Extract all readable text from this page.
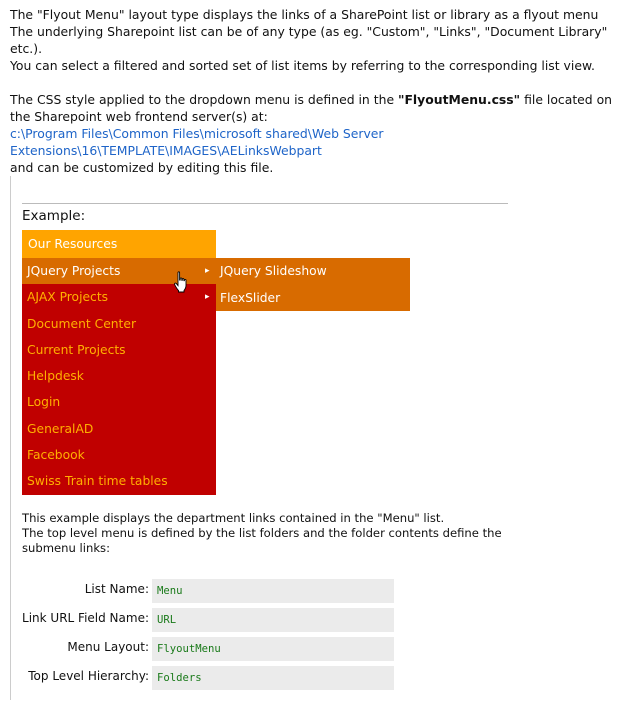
The "Flyout Menu" layout type displays the links of a SharePoint list or library as a flyout menu

The underlying Sharepoint list can be of any type (as eg. "Custom", "Links", "Document Library" etc.).

You can select a filtered and sorted set of list items by referring to the corresponding list view.

The CSS style applied to the dropdown menu is defined in the "FlyoutMenu.css" file located on

the Sharepoint web frontend server(s) at:

c:\Program Files\Common Files\microsoft shared\Web Server

Extensions\16\TEMPLATE\IMAGES\AELinksWebpart

and can be customized by editing this file.

Example:
Our Resources
JQuery Projects	▸
AJAX Projects	▸
Document Center
Current Projects
Helpdesk
Login
GeneralAD
Facebook
Swiss Train time tables
JQuery Slideshow
FlexSlider

This example displays the department links contained in the "Menu" list.

The top level menu is defined by the list folders and the folder contents define the

submenu links:

List Name: Menu
Link URL Field Name: URL
Menu Layout: FlyoutMenu
Top Level Hierarchy: Folders
